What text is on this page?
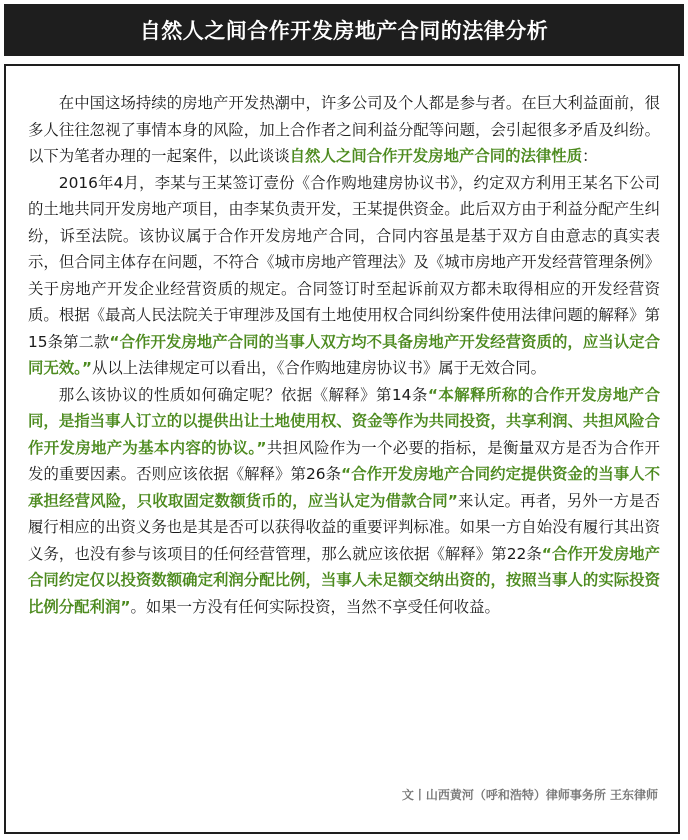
自然人之间合作开发房地产合同的法律分析

在中国这场持续的房地产开发热潮中，许多公司及个人都是参与者。在巨大利益面前，很多人往往忽视了事情本身的风险，加上合作者之间利益分配等问题，会引起很多矛盾及纠纷。以下为笔者办理的一起案件，以此谈谈自然人之间合作开发房地产合同的法律性质：

2016年4月，李某与王某签订壹份《合作购地建房协议书》，约定双方利用王某名下公司的土地共同开发房地产项目，由李某负责开发，王某提供资金。此后双方由于利益分配产生纠纷，诉至法院。该协议属于合作开发房地产合同，合同内容虽是基于双方自由意志的真实表示，但合同主体存在问题，不符合《城市房地产管理法》及《城市房地产开发经营管理条例》关于房地产开发企业经营资质的规定。合同签订时至起诉前双方都未取得相应的开发经营资质。根据《最高人民法院关于审理涉及国有土地使用权合同纠纷案件使用法律问题的解释》第15条第二款“合作开发房地产合同的当事人双方均不具备房地产开发经营资质的，应当认定合同无效。”从以上法律规定可以看出，《合作购地建房协议书》属于无效合同。

那么该协议的性质如何确定呢？依据《解释》第14条“本解释所称的合作开发房地产合同，是指当事人订立的以提供出让土地使用权、资金等作为共同投资，共享利润、共担风险合作开发房地产为基本内容的协议。”共担风险作为一个必要的指标，是衡量双方是否为合作开发的重要因素。否则应该依据《解释》第26条“合作开发房地产合同约定提供资金的当事人不承担经营风险，只收取固定数额货币的，应当认定为借款合同”来认定。再者，另外一方是否履行相应的出资义务也是其是否可以获得收益的重要评判标准。如果一方自始没有履行其出资义务，也没有参与该项目的任何经营管理，那么就应该依据《解释》第22条“合作开发房地产合同约定仅以投资数额确定利润分配比例，当事人未足额交纳出资的，按照当事人的实际投资比例分配利润”。如果一方没有任何实际投资，当然不享受任何收益。

文丨山西黄河（呼和浩特）律师事务所 王东律师
